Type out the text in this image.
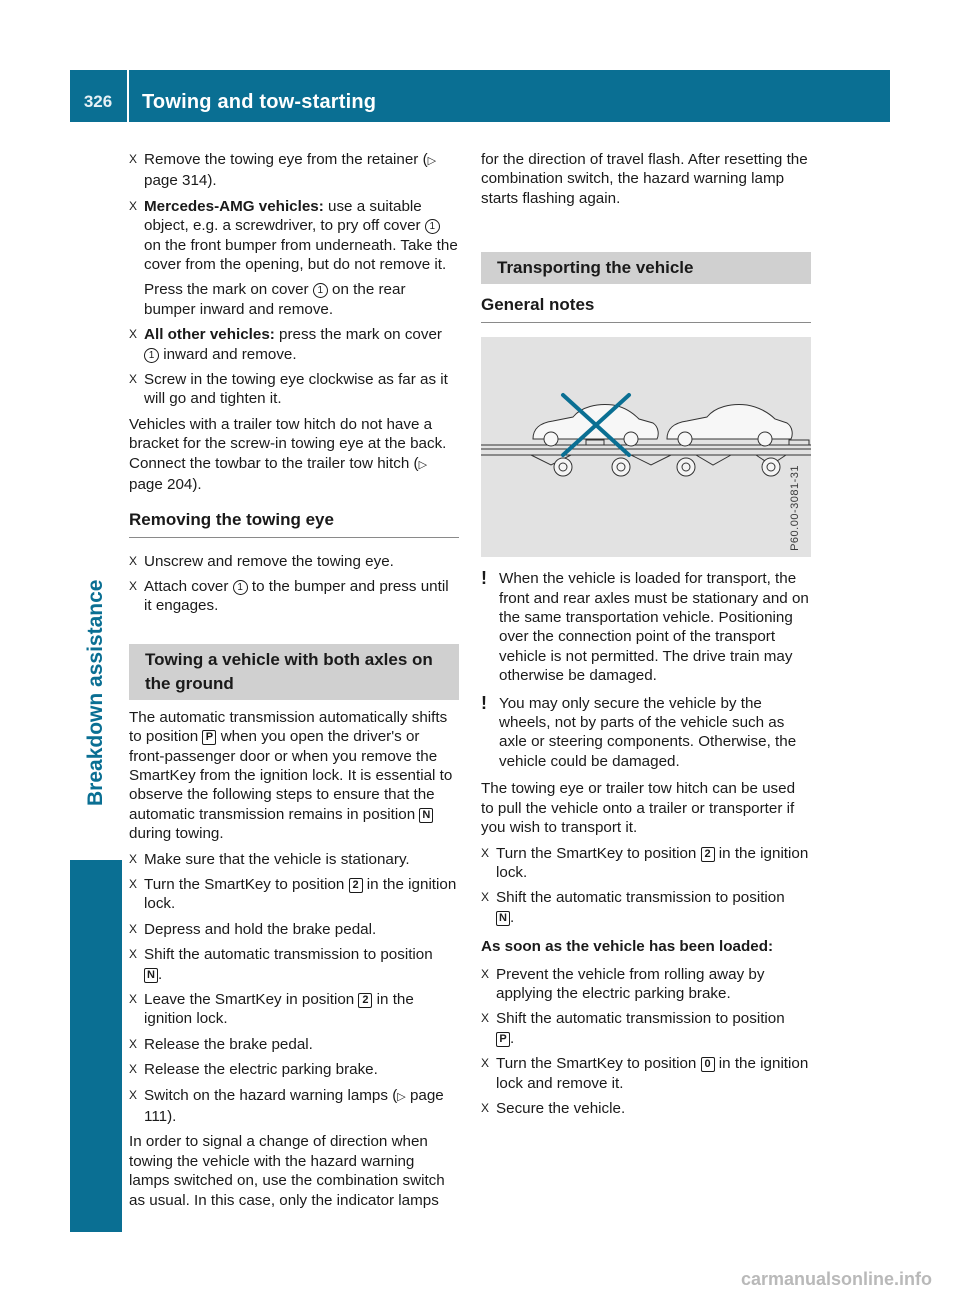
326	Towing and tow-starting
Breakdown assistance
X Remove the towing eye from the retainer (▷ page 314).
X Mercedes-AMG vehicles: use a suitable object, e.g. a screwdriver, to pry off cover 1 on the front bumper from underneath. Take the cover from the opening, but do not remove it.
Press the mark on cover 1 on the rear bumper inward and remove.
X All other vehicles: press the mark on cover 1 inward and remove.
X Screw in the towing eye clockwise as far as it will go and tighten it.

Vehicles with a trailer tow hitch do not have a bracket for the screw-in towing eye at the back. Connect the towbar to the trailer tow hitch (▷ page 204).

Removing the towing eye
X Unscrew and remove the towing eye.
X Attach cover 1 to the bumper and press until it engages.
Towing a vehicle with both axles on the ground

The automatic transmission automatically shifts to position P when you open the driver's or front-passenger door or when you remove the SmartKey from the ignition lock. It is essential to observe the following steps to ensure that the automatic transmission remains in position N during towing.

X Make sure that the vehicle is stationary.
X Turn the SmartKey to position 2 in the ignition lock.
X Depress and hold the brake pedal.
X Shift the automatic transmission to position
N .
X Leave the SmartKey in position 2 in the ignition lock.
X Release the brake pedal.
X Release the electric parking brake.
X Switch on the hazard warning lamps (▷ page 111).

In order to signal a change of direction when towing the vehicle with the hazard warning lamps switched on, use the combination switch as usual. In this case, only the indicator lamps

for the direction of travel flash. After resetting the combination switch, the hazard warning lamp starts flashing again.

Transporting the vehicle
General notes
P60.00-3081-31
! When the vehicle is loaded for transport, the front and rear axles must be stationary and on the same transportation vehicle. Positioning over the connection point of the transport vehicle is not permitted. The drive train may otherwise be damaged.
! You may only secure the vehicle by the wheels, not by parts of the vehicle such as axle or steering components. Otherwise, the vehicle could be damaged.

The towing eye or trailer tow hitch can be used to pull the vehicle onto a trailer or transporter if you wish to transport it.

X Turn the SmartKey to position 2 in the ignition lock.
X Shift the automatic transmission to position
N .
As soon as the vehicle has been loaded:
X Prevent the vehicle from rolling away by applying the electric parking brake.
X Shift the automatic transmission to position
P .
X Turn the SmartKey to position 0 in the ignition lock and remove it.
X Secure the vehicle.
carmanualsonline.info
